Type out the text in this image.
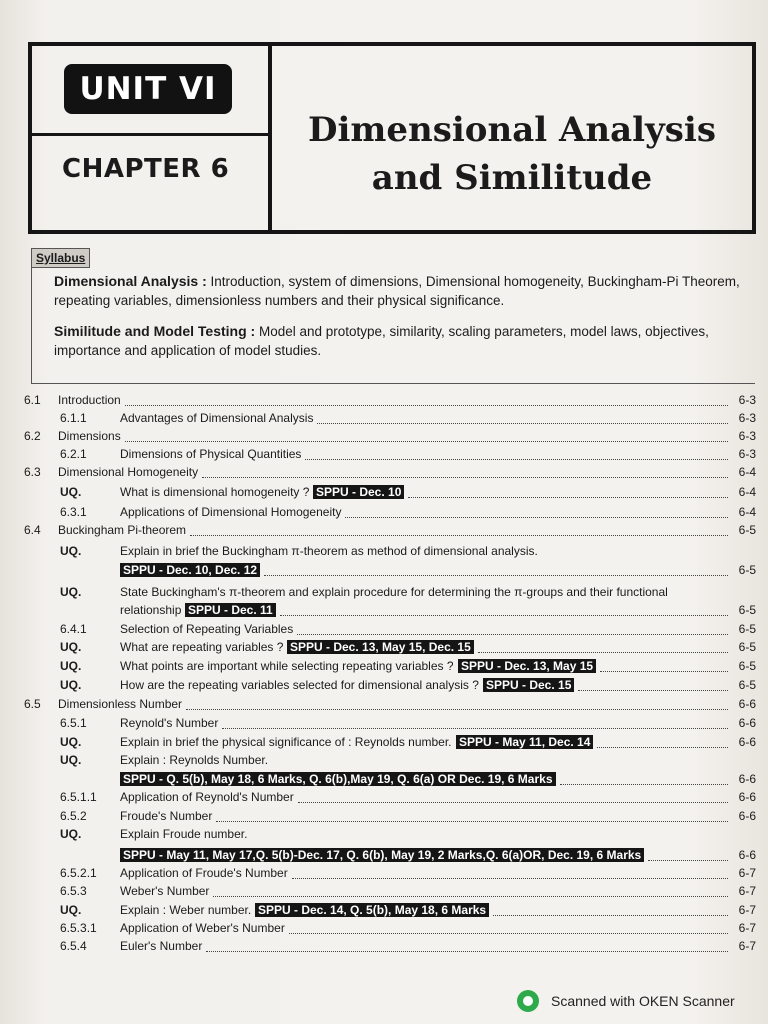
UNIT VI
CHAPTER 6
Dimensional Analysis
and Similitude
Syllabus
Dimensional Analysis : Introduction, system of dimensions, Dimensional homogeneity, Buckingham-Pi Theorem, repeating variables, dimensionless numbers and their physical significance.
Similitude and Model Testing : Model and prototype, similarity, scaling parameters, model laws, objectives, importance and application of model studies.
6.1 Introduction	6-3
6.1.1	Advantages of Dimensional Analysis	6-3
6.2 Dimensions	6-3
6.2.1	Dimensions of Physical Quantities	6-3
6.3 Dimensional Homogeneity	6-4
UQ.	What is dimensional homogeneity ? SPPU - Dec. 10	6-4
6.3.1	Applications of Dimensional Homogeneity	6-4
6.4 Buckingham Pi-theorem	6-5
UQ.	Explain in brief the Buckingham π-theorem as method of dimensional analysis.
SPPU - Dec. 10, Dec. 12	6-5
UQ.	State Buckingham's π-theorem and explain procedure for determining the π-groups and their functional
relationship SPPU - Dec. 11	6-5
6.4.1	Selection of Repeating Variables	6-5
UQ.	What are repeating variables ? SPPU - Dec. 13, May 15, Dec. 15	6-5
UQ.	What points are important while selecting repeating variables ? SPPU - Dec. 13, May 15	6-5
UQ.	How are the repeating variables selected for dimensional analysis ? SPPU - Dec. 15	6-5
6.5 Dimensionless Number	6-6
6.5.1	Reynold's Number	6-6
UQ.	Explain in brief the physical significance of : Reynolds number. SPPU - May 11, Dec. 14	6-6
UQ.	Explain : Reynolds Number.
SPPU - Q. 5(b), May 18, 6 Marks, Q. 6(b),May 19, Q. 6(a) OR Dec. 19, 6 Marks	6-6
6.5.1.1 Application of Reynold's Number	6-6
6.5.2	Froude's Number	6-6
UQ.	Explain Froude number.
SPPU - May 11, May 17,Q. 5(b)-Dec. 17, Q. 6(b), May 19, 2 Marks,Q. 6(a)OR, Dec. 19, 6 Marks	6-6
6.5.2.1 Application of Froude's Number	6-7
6.5.3	Weber's Number	6-7
UQ.	Explain : Weber number. SPPU - Dec. 14, Q. 5(b), May 18, 6 Marks	6-7
6.5.3.1 Application of Weber's Number	6-7
6.5.4	Euler's Number	6-7
Scanned with OKEN Scanner
